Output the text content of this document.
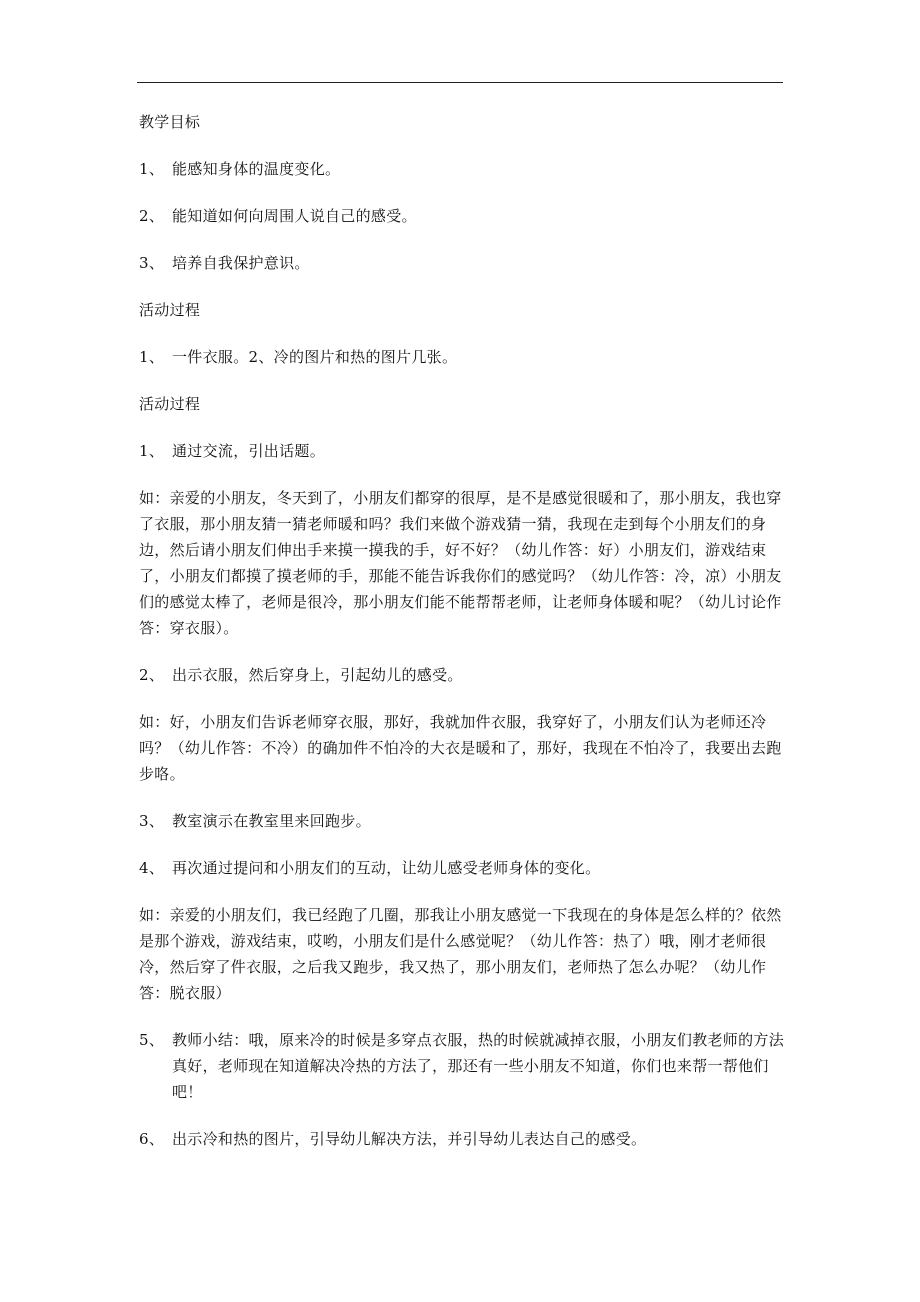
教学目标

1、 能感知身体的温度变化。
2、 能知道如何向周围人说自己的感受。
3、 培养自我保护意识。

活动过程

1、 一件衣服。2、冷的图片和热的图片几张。

活动过程

1、 通过交流，引出话题。

如：亲爱的小朋友，冬天到了，小朋友们都穿的很厚，是不是感觉很暖和了，那小朋友，我也穿了衣服，那小朋友猜一猜老师暖和吗？我们来做个游戏猜一猜，我现在走到每个小朋友们的身边，然后请小朋友们伸出手来摸一摸我的手，好不好？（幼儿作答：好）小朋友们，游戏结束了，小朋友们都摸了摸老师的手，那能不能告诉我你们的感觉吗？（幼儿作答：冷，凉）小朋友们的感觉太棒了，老师是很冷，那小朋友们能不能帮帮老师，让老师身体暖和呢？（幼儿讨论作答：穿衣服）。

2、 出示衣服，然后穿身上，引起幼儿的感受。

如：好，小朋友们告诉老师穿衣服，那好，我就加件衣服，我穿好了，小朋友们认为老师还冷吗？（幼儿作答：不冷）的确加件不怕冷的大衣是暖和了，那好，我现在不怕冷了，我要出去跑步咯。

3、 教室演示在教室里来回跑步。
4、 再次通过提问和小朋友们的互动，让幼儿感受老师身体的变化。

如：亲爱的小朋友们，我已经跑了几圈，那我让小朋友感觉一下我现在的身体是怎么样的？依然是那个游戏，游戏结束，哎哟，小朋友们是什么感觉呢？（幼儿作答：热了）哦，刚才老师很冷，然后穿了件衣服，之后我又跑步，我又热了，那小朋友们，老师热了怎么办呢？（幼儿作答：脱衣服）

5、 教师小结：哦，原来冷的时候是多穿点衣服，热的时候就减掉衣服，小朋友们教老师的方法真好，老师现在知道解决冷热的方法了，那还有一些小朋友不知道，你们也来帮一帮他们吧！
6、 出示冷和热的图片，引导幼儿解决方法，并引导幼儿表达自己的感受。
